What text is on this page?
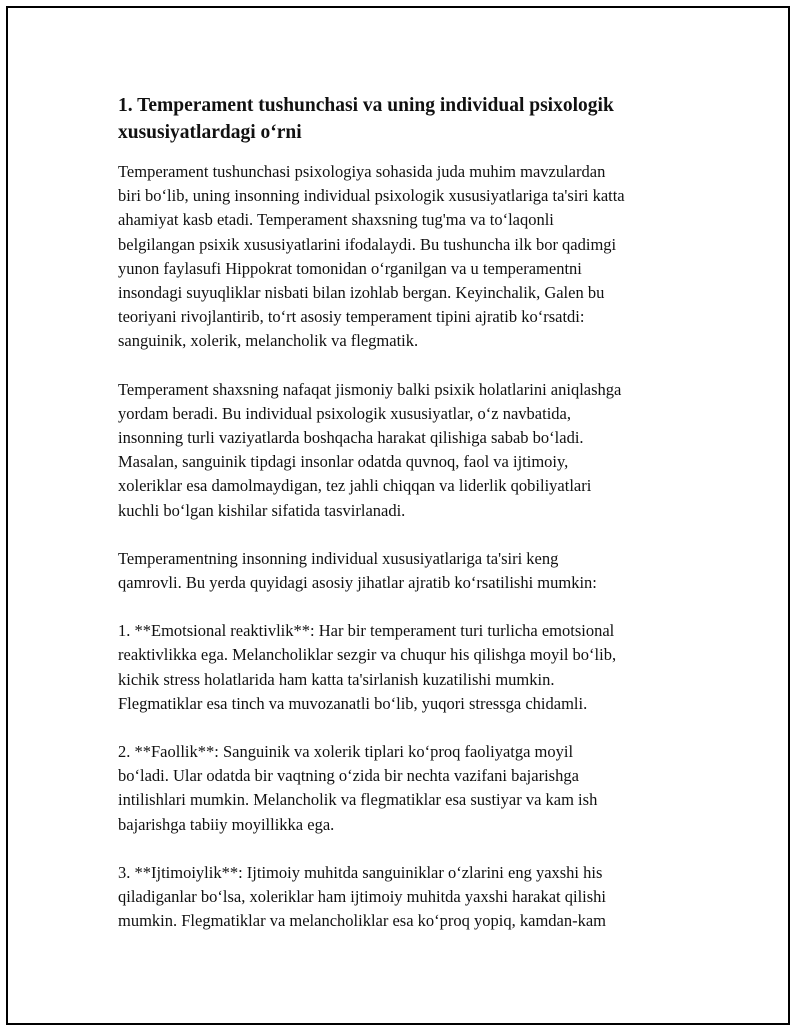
1. Temperament tushunchasi va uning individual psixologik
xususiyatlardagi o‘rni

Temperament tushunchasi psixologiya sohasida juda muhim mavzulardan
biri bo‘lib, uning insonning individual psixologik xususiyatlariga ta'siri katta
ahamiyat kasb etadi. Temperament shaxsning tug'ma va to‘laqonli
belgilangan psixik xususiyatlarini ifodalaydi. Bu tushuncha ilk bor qadimgi
yunon faylasufi Hippokrat tomonidan o‘rganilgan va u temperamentni
insondagi suyuqliklar nisbati bilan izohlab bergan. Keyinchalik, Galen bu
teoriyani rivojlantirib, to‘rt asosiy temperament tipini ajratib ko‘rsatdi:
sanguinik, xolerik, melancholik va flegmatik.

Temperament shaxsning nafaqat jismoniy balki psixik holatlarini aniqlashga
yordam beradi. Bu individual psixologik xususiyatlar, o‘z navbatida,
insonning turli vaziyatlarda boshqacha harakat qilishiga sabab bo‘ladi.
Masalan, sanguinik tipdagi insonlar odatda quvnoq, faol va ijtimoiy,
xoleriklar esa damolmaydigan, tez jahli chiqqan va liderlik qobiliyatlari
kuchli bo‘lgan kishilar sifatida tasvirlanadi.

Temperamentning insonning individual xususiyatlariga ta'siri keng
qamrovli. Bu yerda quyidagi asosiy jihatlar ajratib ko‘rsatilishi mumkin:

1. **Emotsional reaktivlik**: Har bir temperament turi turlicha emotsional
reaktivlikka ega. Melancholiklar sezgir va chuqur his qilishga moyil bo‘lib,
kichik stress holatlarida ham katta ta'sirlanish kuzatilishi mumkin.
Flegmatiklar esa tinch va muvozanatli bo‘lib, yuqori stressga chidamli.

2. **Faollik**: Sanguinik va xolerik tiplari ko‘proq faoliyatga moyil
bo‘ladi. Ular odatda bir vaqtning o‘zida bir nechta vazifani bajarishga
intilishlari mumkin. Melancholik va flegmatiklar esa sustiyar va kam ish
bajarishga tabiiy moyillikka ega.

3. **Ijtimoiylik**: Ijtimoiy muhitda sanguiniklar o‘zlarini eng yaxshi his
qiladiganlar bo‘lsa, xoleriklar ham ijtimoiy muhitda yaxshi harakat qilishi
mumkin. Flegmatiklar va melancholiklar esa ko‘proq yopiq, kamdan-kam
